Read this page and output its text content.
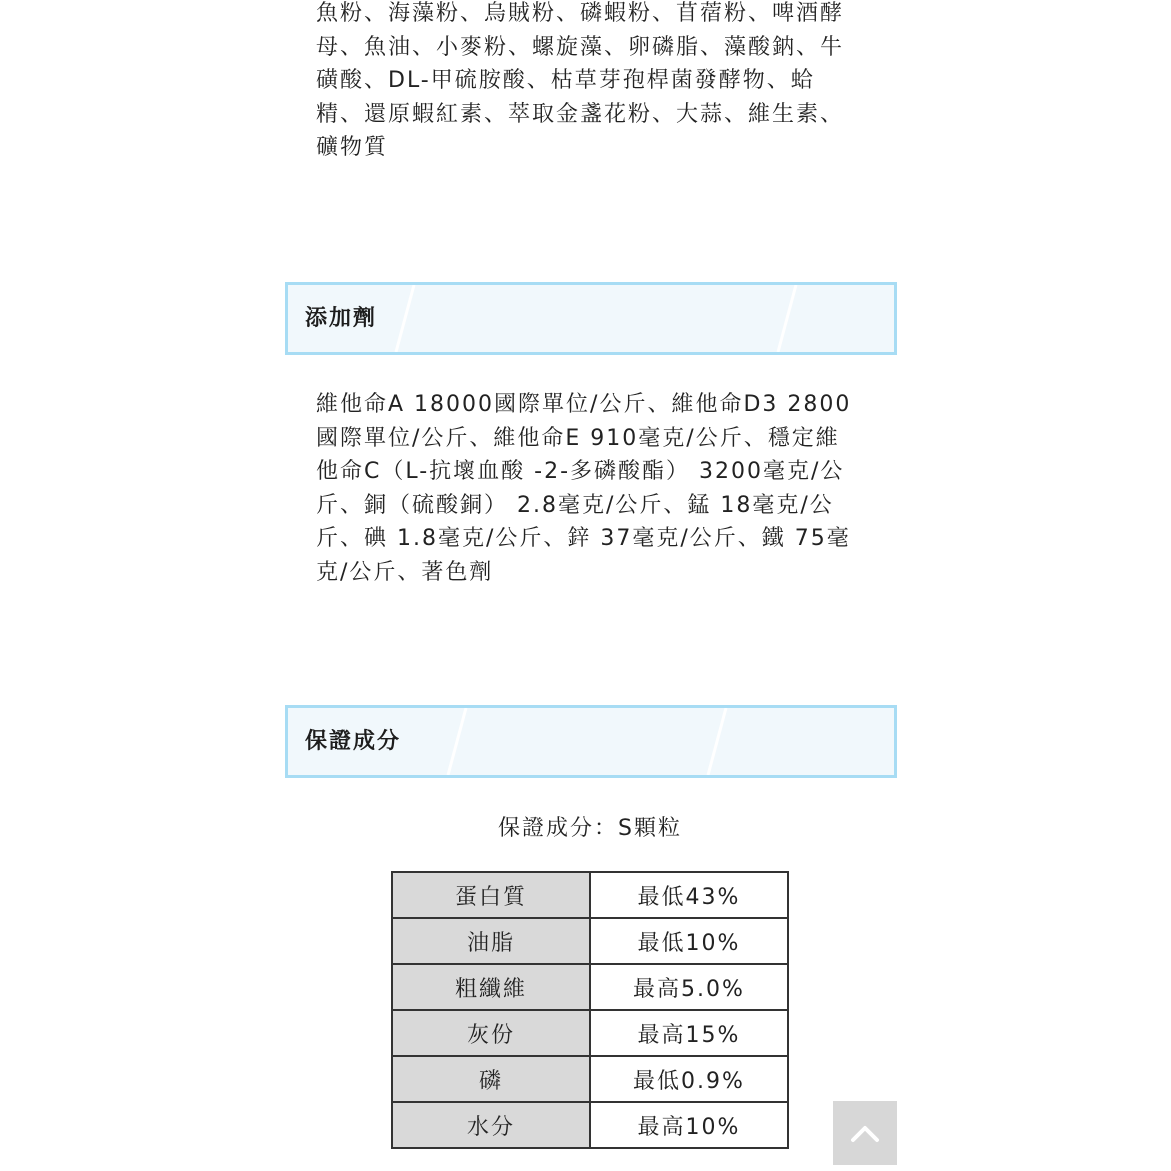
魚粉、海藻粉、烏賊粉、磷蝦粉、苜蓿粉、啤酒酵母、魚油、小麥粉、螺旋藻、卵磷脂、藻酸鈉、牛磺酸、DL-甲硫胺酸、枯草芽孢桿菌發酵物、蛤精、還原蝦紅素、萃取金盞花粉、大蒜、維生素、礦物質

添加劑

維他命A 18000國際單位/公斤、維他命D3 2800國際單位/公斤、維他命E 910毫克/公斤、穩定維他命C（L-抗壞血酸 -2-多磷酸酯） 3200毫克/公斤、銅（硫酸銅） 2.8毫克/公斤、錳 18毫克/公斤、碘 1.8毫克/公斤、鋅 37毫克/公斤、鐵 75毫克/公斤、著色劑

保證成分
保證成分：S顆粒
蛋白質	最低43%
油脂	最低10%
粗纖維	最高5.0%
灰份	最高15%
磷	最低0.9%
水分	最高10%
